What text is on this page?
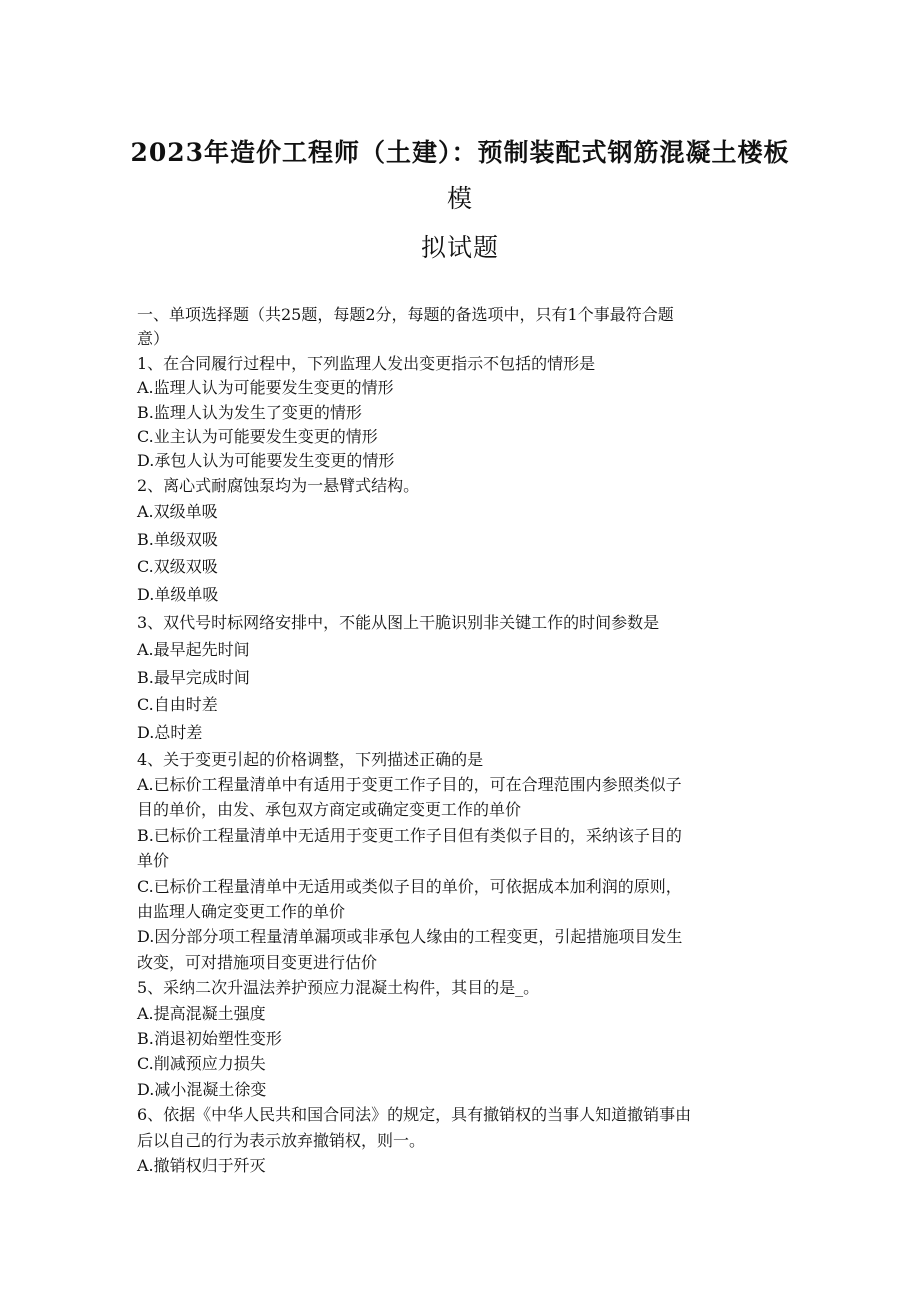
2023年造价工程师（土建）：预制装配式钢筋混凝土楼板
模
拟试题
一、单项选择题（共25题，每题2分，每题的备选项中，只有1个事最符合题
意）
1、在合同履行过程中，下列监理人发出变更指示不包括的情形是
A.监理人认为可能要发生变更的情形
B.监理人认为发生了变更的情形
C.业主认为可能要发生变更的情形
D.承包人认为可能要发生变更的情形
2、离心式耐腐蚀泵均为一悬臂式结构。
A.双级单吸
B.单级双吸
C.双级双吸
D.单级单吸
3、双代号时标网络安排中，不能从图上干脆识别非关键工作的时间参数是
A.最早起先时间
B.最早完成时间
C.自由时差
D.总时差
4、关于变更引起的价格调整，下列描述正确的是
A.已标价工程量清单中有适用于变更工作子目的，可在合理范围内参照类似子
目的单价，由发、承包双方商定或确定变更工作的单价
B.已标价工程量清单中无适用于变更工作子目但有类似子目的，采纳该子目的
单价
C.已标价工程量清单中无适用或类似子目的单价，可依据成本加利润的原则，
由监理人确定变更工作的单价
D.因分部分项工程量清单漏项或非承包人缘由的工程变更，引起措施项目发生
改变，可对措施项目变更进行估价
5、采纳二次升温法养护预应力混凝土构件，其目的是_。
A.提高混凝土强度
B.消退初始塑性变形
C.削减预应力损失
D.减小混凝土徐变
6、依据《中华人民共和国合同法》的规定，具有撤销权的当事人知道撤销事由
后以自己的行为表示放弃撤销权，则一。
A.撤销权归于歼灭
